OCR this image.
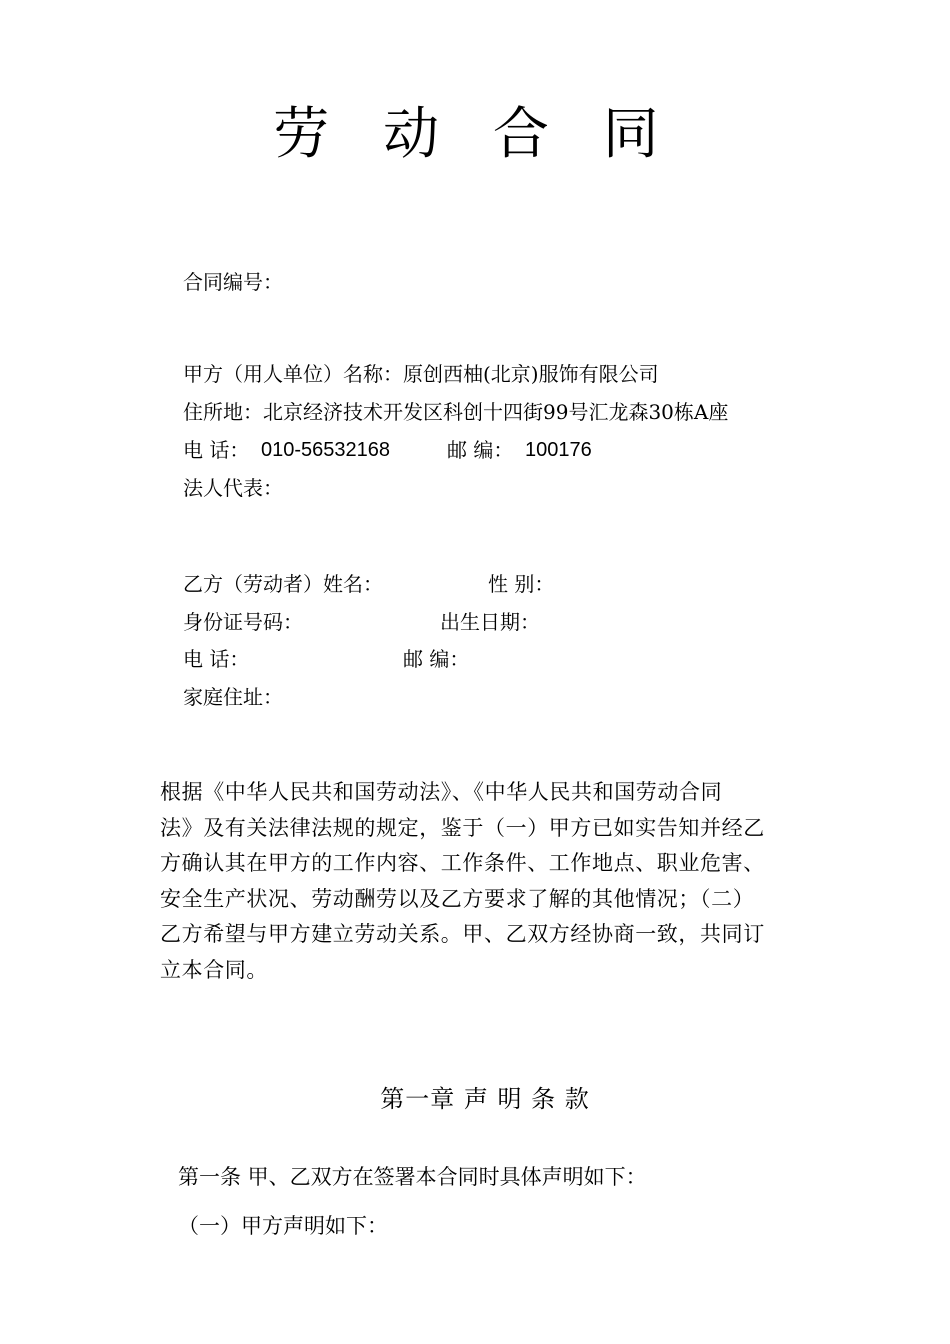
劳 动 合 同
合同编号：
甲方（用人单位）名称：原创西柚(北京)服饰有限公司
住所地：北京经济技术开发区科创十四街99号汇龙森30栋A座
电 话： 010-56532168	邮 编： 100176
法人代表：
乙方（劳动者）姓名：	性 别：
身份证号码：	出生日期：
电 话：	邮 编：
家庭住址：

根据《中华人民共和国劳动法》、《中华人民共和国劳动合同

法》及有关法律法规的规定，鉴于（一）甲方已如实告知并经乙

方确认其在甲方的工作内容、工作条件、工作地点、职业危害、

安全生产状况、劳动酬劳以及乙方要求了解的其他情况；（二）

乙方希望与甲方建立劳动关系。甲、乙双方经协商一致，共同订

立本合同。

第一章 声 明 条 款
第一条 甲、乙双方在签署本合同时具体声明如下：
（一）甲方声明如下：
